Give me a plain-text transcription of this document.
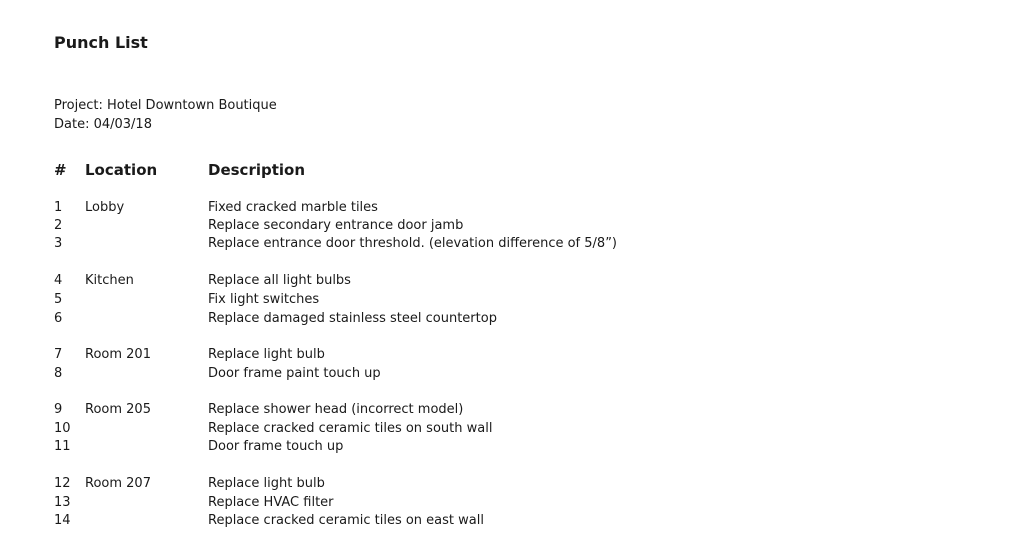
Punch List
Project: Hotel Downtown Boutique
Date: 04/03/18
# Location	Description
1 Lobby	Fixed cracked marble tiles
2	Replace secondary entrance door jamb
3	Replace entrance door threshold. (elevation difference of 5/8”)
4 Kitchen	Replace all light bulbs
5	Fix light switches
6	Replace damaged stainless steel countertop
7 Room 201	Replace light bulb
8	Door frame paint touch up
9 Room 205	Replace shower head (incorrect model)
10	Replace cracked ceramic tiles on south wall
11	Door frame touch up
12 Room 207	Replace light bulb
13	Replace HVAC filter
14	Replace cracked ceramic tiles on east wall
